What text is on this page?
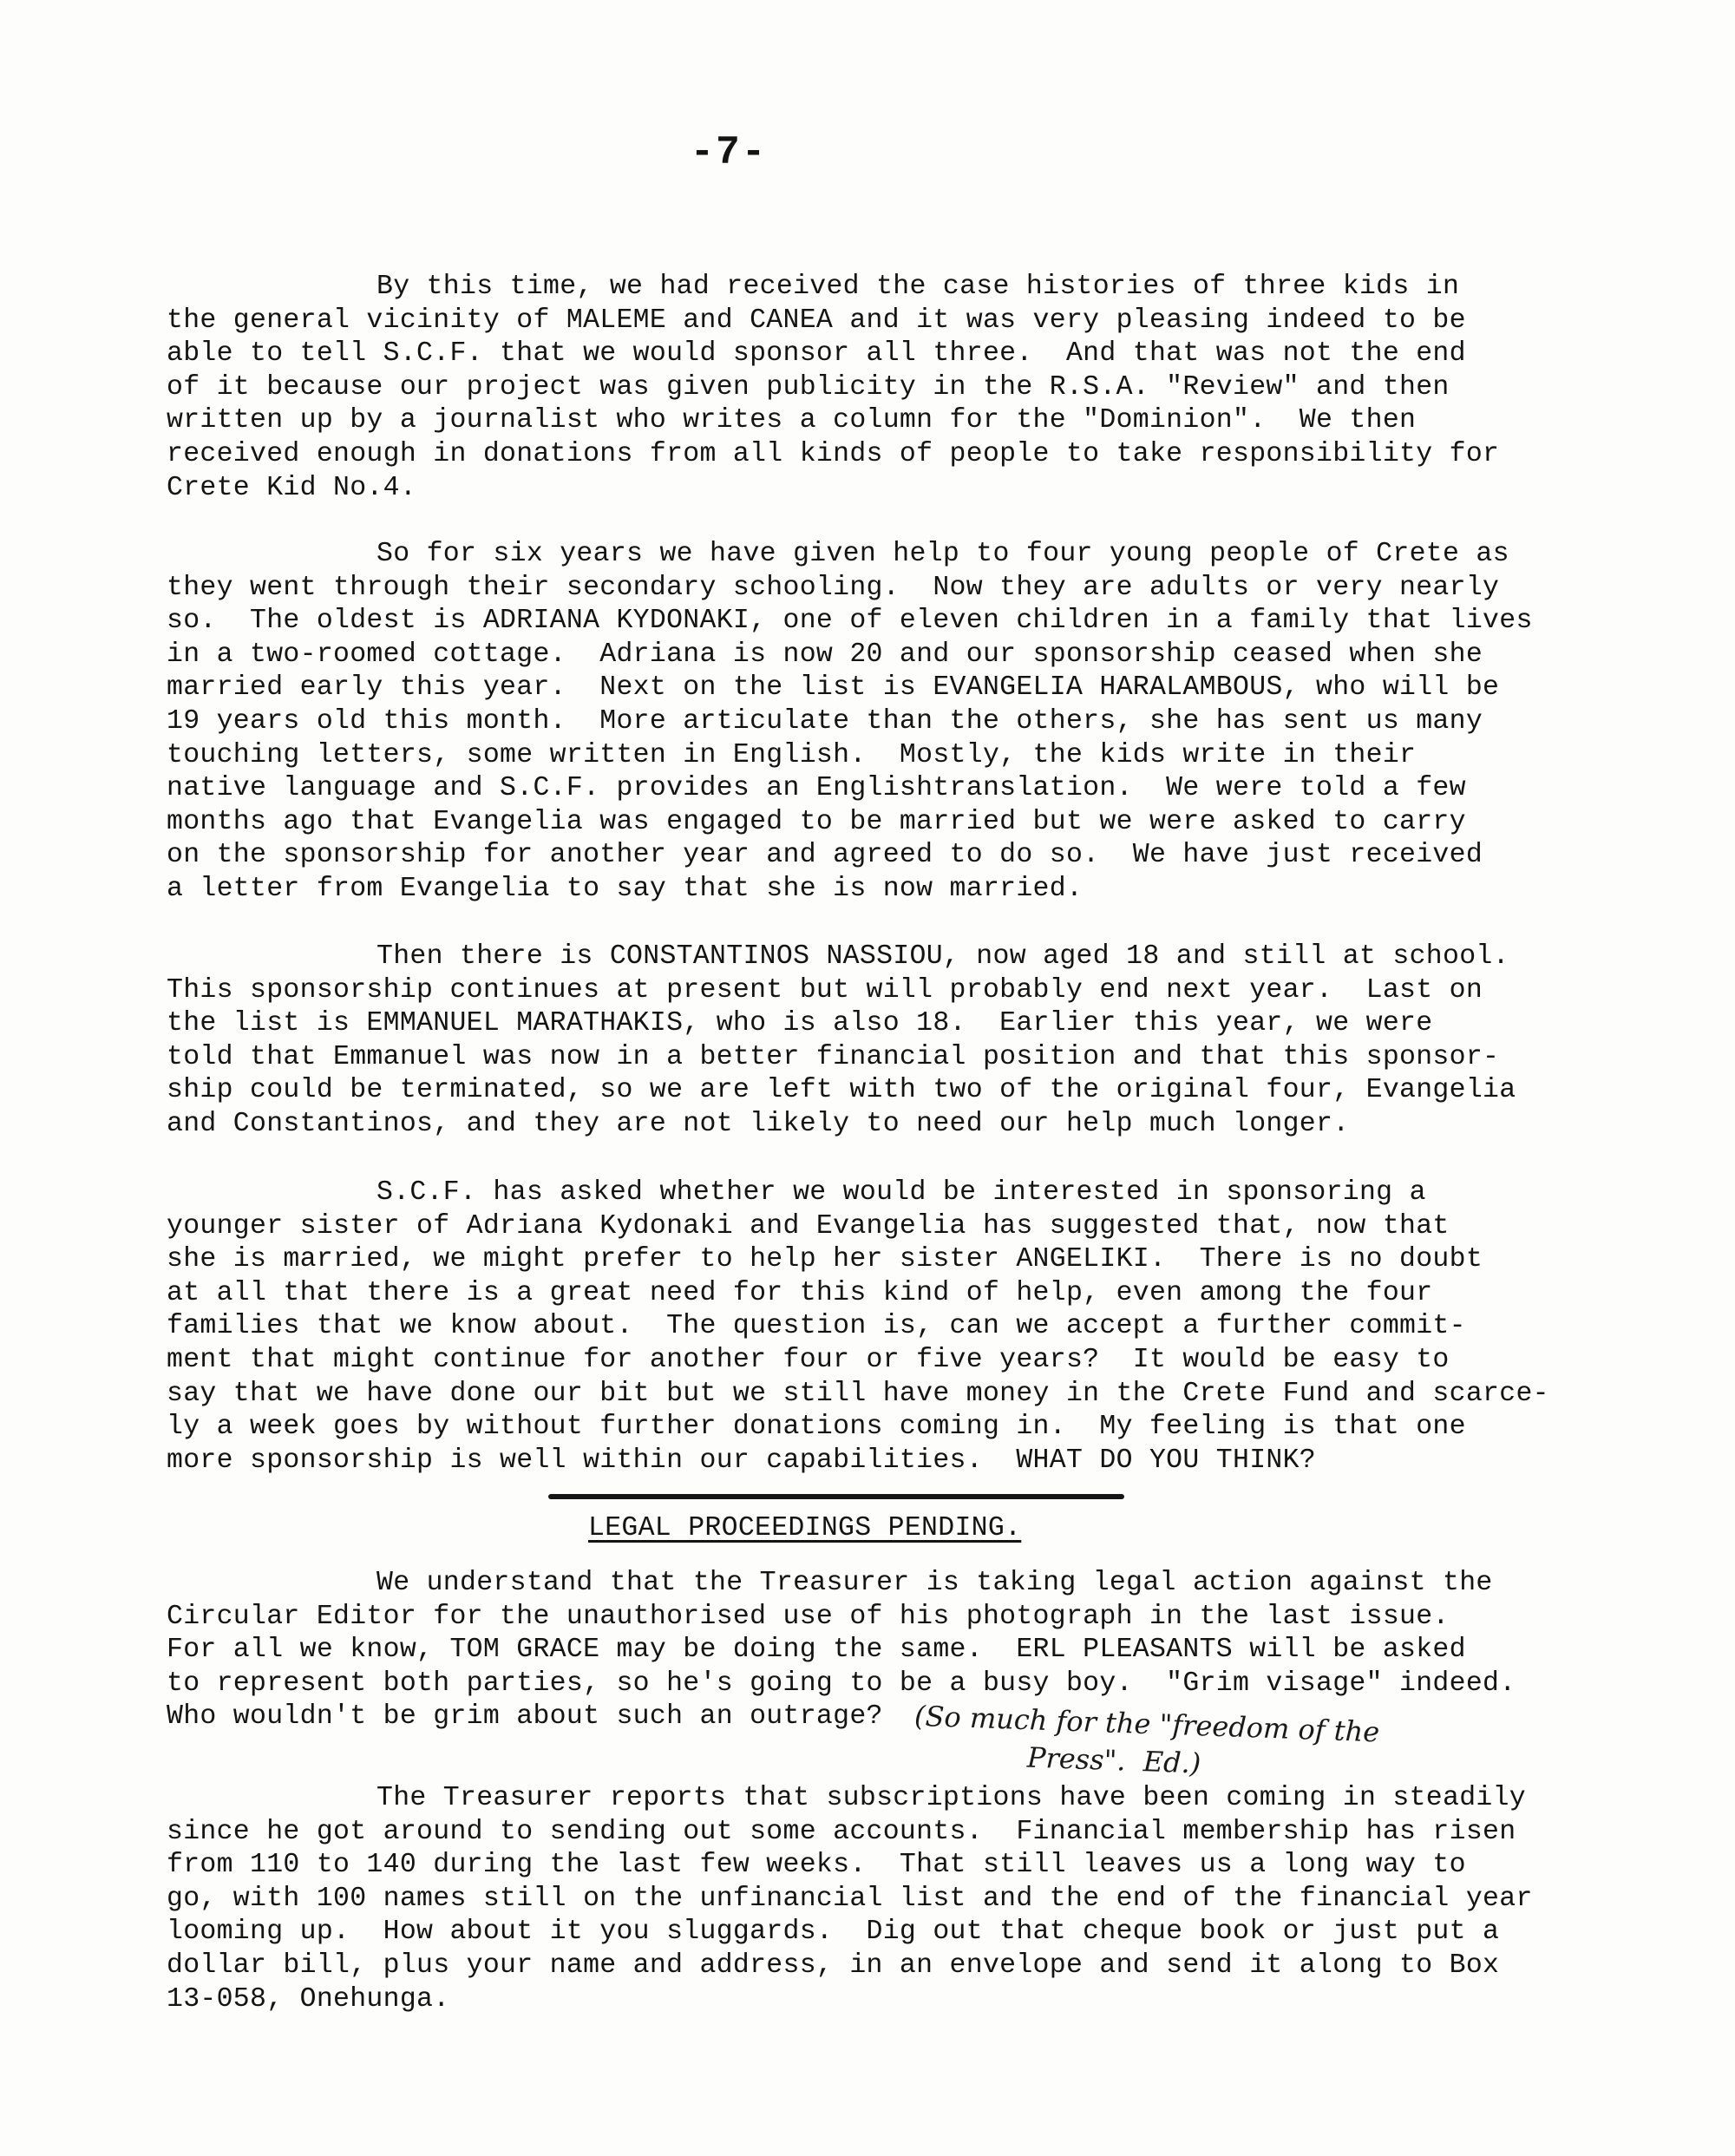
-7-
By this time, we had received the case histories of three kids in
the general vicinity of MALEME and CANEA and it was very pleasing indeed to be
able to tell S.C.F. that we would sponsor all three.  And that was not the end
of it because our project was given publicity in the R.S.A. "Review" and then
written up by a journalist who writes a column for the "Dominion".  We then
received enough in donations from all kinds of people to take responsibility for
Crete Kid No.4.
So for six years we have given help to four young people of Crete as
they went through their secondary schooling.  Now they are adults or very nearly
so.  The oldest is ADRIANA KYDONAKI, one of eleven children in a family that lives
in a two-roomed cottage.  Adriana is now 20 and our sponsorship ceased when she
married early this year.  Next on the list is EVANGELIA HARALAMBOUS, who will be
19 years old this month.  More articulate than the others, she has sent us many
touching letters, some written in English.  Mostly, the kids write in their
native language and S.C.F. provides an Englishtranslation.  We were told a few
months ago that Evangelia was engaged to be married but we were asked to carry
on the sponsorship for another year and agreed to do so.  We have just received
a letter from Evangelia to say that she is now married.
Then there is CONSTANTINOS NASSIOU, now aged 18 and still at school.
This sponsorship continues at present but will probably end next year.  Last on
the list is EMMANUEL MARATHAKIS, who is also 18.  Earlier this year, we were
told that Emmanuel was now in a better financial position and that this sponsor-
ship could be terminated, so we are left with two of the original four, Evangelia
and Constantinos, and they are not likely to need our help much longer.
S.C.F. has asked whether we would be interested in sponsoring a
younger sister of Adriana Kydonaki and Evangelia has suggested that, now that
she is married, we might prefer to help her sister ANGELIKI.  There is no doubt
at all that there is a great need for this kind of help, even among the four
families that we know about.  The question is, can we accept a further commit-
ment that might continue for another four or five years?  It would be easy to
say that we have done our bit but we still have money in the Crete Fund and scarce-
ly a week goes by without further donations coming in.  My feeling is that one
more sponsorship is well within our capabilities.  WHAT DO YOU THINK?
LEGAL PROCEEDINGS PENDING.
We understand that the Treasurer is taking legal action against the
Circular Editor for the unauthorised use of his photograph in the last issue.
For all we know, TOM GRACE may be doing the same.  ERL PLEASANTS will be asked
to represent both parties, so he's going to be a busy boy.  "Grim visage" indeed.
Who wouldn't be grim about such an outrage?	(So much for the "freedom of the
Press".  Ed.)
The Treasurer reports that subscriptions have been coming in steadily
since he got around to sending out some accounts.  Financial membership has risen
from 110 to 140 during the last few weeks.  That still leaves us a long way to
go, with 100 names still on the unfinancial list and the end of the financial year
looming up.  How about it you sluggards.  Dig out that cheque book or just put a
dollar bill, plus your name and address, in an envelope and send it along to Box
13-058, Onehunga.
